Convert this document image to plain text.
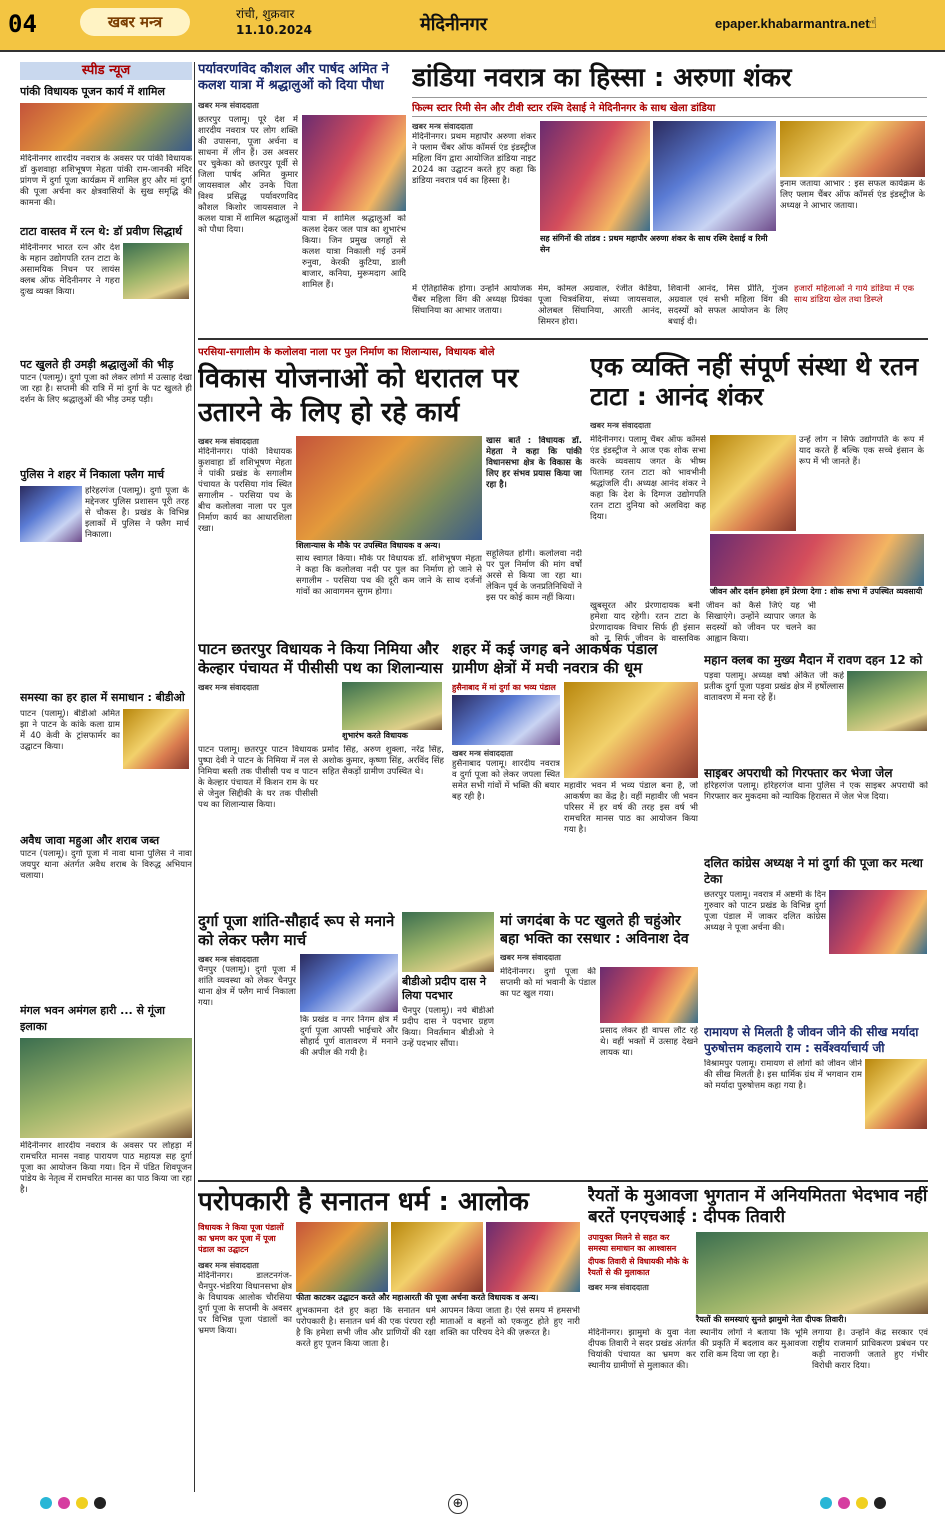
04	खबर मन्त्र	रांची, शुक्रवार
11.10.2024	मेदिनीनगर	epaper.khabarmantra.net
☝
स्पीड न्यूज
पांकी विधायक पूजन कार्य में शामिल
मेदिनीनगर शारदीय नवरात्र के अवसर पर पांकी विधायक डॉ कुशवाहा शशिभूषण मेहता पांकी राम-जानकी मंदिर प्रांगण में दुर्गा पूजा कार्यक्रम में शामिल हुए और मां दुर्गा की पूजा अर्चना कर क्षेत्रवासियों के सुख समृद्धि की कामना की।
टाटा वास्तव में रत्न थे: डॉ प्रवीण सिद्धार्थ
मेदिनीनगर भारत रत्न और देश के महान उद्योगपति रतन टाटा के असामयिक निधन पर लायंस क्लब ऑफ मेदिनीनगर ने गहरा दुःख व्यक्त किया।
पट खुलते ही उमड़ी श्रद्धालुओं की भीड़
पाटन (पलामू)। दुर्गा पूजा को लेकर लोगों में उत्साह देखा जा रहा है। सप्तमी की रात्रि में मां दुर्गा के पट खुलते ही दर्शन के लिए श्रद्धालुओं की भीड़ उमड़ पड़ी।
पुलिस ने शहर में निकाला फ्लैग मार्च
हरिहरगंज (पलामू)। दुर्गा पूजा के मद्देनजर पुलिस प्रशासन पूरी तरह से चौकस है। प्रखंड के विभिन्न इलाकों में पुलिस ने फ्लैग मार्च निकाला।
समस्या का हर हाल में समाधान : बीडीओ
पाटन (पलामू)। बीडीओ अमित झा ने पाटन के कांके कला ग्राम में 40 केवी के ट्रांसफार्मर का उद्घाटन किया।
अवैध जावा महुआ और शराब जब्त
पाटन (पलामू)। दुर्गा पूजा में नावा थाना पुलिस ने नावा जयपुर थाना अंतर्गत अवैध शराब के विरुद्ध अभियान चलाया।
मंगल भवन अमंगल हारी ... से गूंजा इलाका
मेदिनीनगर शारदीय नवरात्र के अवसर पर लोहड़ा में रामचरित मानस नवाह पारायण पाठ महायज्ञ सह दुर्गा पूजा का आयोजन किया गया। दिन में पंडित शिवपूजन पांडेय के नेतृत्व में रामचरित मानस का पाठ किया जा रहा है।
पर्यावरणविद कौशल और पार्षद अमित ने कलश यात्रा में श्रद्धालुओं को दिया पौधा
खबर मन्त्र संवाददाता
छतरपुर पलामू। पूरे देश में शारदीय नवरात्र पर लोग शक्ति की उपासना, पूजा अर्चना व साधना में लीन हैं। उस अवसर पर चुकेका को छतरपुर पूर्वी से जिला पार्षद अमित कुमार जायसवाल और उनके पिता विश्व प्रसिद्ध पर्यावरणविद कौशल किशोर जायसवाल ने कलश यात्रा में शामिल श्रद्धालुओं को पौधा दिया।
यात्रा में शामिल श्रद्धालुओं को कलश देकर जल पात्र का शुभारंभ किया। जिन प्रमुख जगहों से कलश यात्रा निकाली गई उनमें रुनुवा, केरकी कुटिया, डाली बाजार, कनिया, मुरूमदाग आदि शामिल हैं।
डांडिया नवरात्र का हिस्सा : अरुणा शंकर
फिल्म स्टार रिमी सेन और टीवी स्टार रश्मि देसाई ने मेदिनीनगर के साथ खेला डांडिया
खबर मन्त्र संवाददाता
मेदिनीनगर। प्रथम महापौर अरुणा शंकर ने फ्लाम चैंबर ऑफ कॉमर्स एंड इंडस्ट्रीज महिला विंग द्वारा आयोजित डांडिया नाइट 2024 का उद्घाटन करते हुए कहा कि डांडिया नवरात्र पर्व का हिस्सा है।
सह संगिनों की तांडव : प्रथम महापौर अरुणा शंकर के साथ रश्मि देसाई व रिमी सेन
इनाम जताया आभार : इस सफल कार्यक्रम के लिए फ्लाम चैंबर ऑफ कॉमर्स एंड इंडस्ट्रीज के अध्यक्ष ने आभार जताया।
में ऐतिहासिक होगा। उन्होंने आयोजक चैंबर महिला विंग की अध्यक्ष प्रियंका सिंघानिया का आभार जताया।
मेम, कोमल अग्रवाल, रंजीत केडिया, पूजा चित्रवंशिया, संध्या जायसवाल, ओलबल सिंघानिया, आरती आनंद, सिमरन होरा।
शिवानी आनंद, मिस प्रीति, गुंजन अग्रवाल एवं सभी महिला विंग की सदस्यों को सफल आयोजन के लिए बधाई दी।
हजारों महिलाओं ने गाये डांडिया में एक साथ डांडिया खेल तथा डिस्प्ले
परसिया-सगालीम के कलोलवा नाला पर पुल निर्माण का शिलान्यास, विधायक बोले
विकास योजनाओं को धरातल पर उतारने के लिए हो रहे कार्य
खबर मन्त्र संवाददाता
मेदिनीनगर। पांकी विधायक कुशवाहा डॉ शशिभूषण मेहता ने पांकी प्रखंड के सगालीम पंचायत के परसिया गांव स्थित सगालीम - परसिया पथ के बीच कलोलवा नाला पर पुल निर्माण कार्य का आधारशिला रखा।
शिलान्यास के मौके पर उपस्थित विधायक व अन्य।
साथ स्वागत किया। मौके पर विधायक डॉ. शशिभूषण मेहता ने कहा कि कलोलवा नदी पर पुल का निर्माण हो जाने से सगालीम - परसिया पथ की दूरी कम जाने के साथ दर्जनों गांवों का आवागमन सुगम होगा।
खास बातें : विधायक डॉ. मेहता ने कहा कि पांकी विधानसभा क्षेत्र के विकास के लिए हर संभव प्रयास किया जा रहा है।
सहूलियत होगी। कलोलवा नदी पर पुल निर्माण की मांग वर्षों अरसे से किया जा रहा था। लेकिन पूर्व के जनप्रतिनिधियों ने इस पर कोई काम नहीं किया।
एक व्यक्ति नहीं संपूर्ण संस्था थे रतन टाटा : आनंद शंकर
खबर मन्त्र संवाददाता
मेदिनीनगर। पलामू चैंबर ऑफ कॉमर्स एंड इंडस्ट्रीज ने आज एक शोक सभा करके व्यवसाय जगत के भीष्म पितामह रतन टाटा को भावभीनी श्रद्धांजलि दी। अध्यक्ष आनंद शंकर ने कहा कि देश के दिग्गज उद्योगपति रतन टाटा दुनिया को अलविदा कह दिया।
उन्हें लोग न सिर्फ उद्योगपति के रूप में याद करते हैं बल्कि एक सच्चे इंसान के रूप में भी जानते हैं।
जीवन और दर्शन हमेशा हमें प्रेरणा देगा : शोक सभा में उपस्थित व्यवसायी
खुबसूरत और प्रेरणादायक बनी हमेशा याद रहेगी। रतन टाटा के प्रेरणादायक विचार सिर्फ ही इंसान को न सिर्फ जीवन के वास्तविक
जीवन को कैसे जिएं यह भी सिखाएंगे। उन्होंने व्यापार जगत के सदस्यों को जीवन पर चलने का आह्वान किया।
पाटन छतरपुर विधायक ने किया निमिया और केल्हार पंचायत में पीसीसी पथ का शिलान्यास
खबर मन्त्र संवाददाता
शुभारंभ करते विधायक
पाटन पलामू। छतरपुर पाटन विधायक पुष्पा देवी ने पाटन के निमिया में नल से निमिया बस्ती तक पीसीसी पथ व पाटन के केल्हार पंचायत में किशन राम के घर से जेनुल सिद्दीकी के घर तक पीसीसी पथ का शिलान्यास किया।
प्रमोद सिंह, अरुण शुक्ला, नरेंद्र सिंह, अशोक कुमार, कृष्णा सिंह, अरविंद सिंह सहित सैकड़ों ग्रामीण उपस्थित थे।
शहर में कई जगह बने आकर्षक पंडाल ग्रामीण क्षेत्रों में मची नवरात्र की धूम
हुसैनाबाद में मां दुर्गा का भव्य पंडाल
खबर मन्त्र संवाददाता
हुसैनाबाद पलामू। शारदीय नवरात्र व दुर्गा पूजा को लेकर जपला स्थित समेत सभी गांवों में भक्ति की बयार बह रही है।
महावीर भवन में भव्य पंडाल बना है, जो आकर्षण का केंद्र है। वहीं महावीर जी भवन परिसर में हर वर्ष की तरह इस वर्ष भी रामचरित मानस पाठ का आयोजन किया गया है।
महान क्लब का मुख्य मैदान में रावण दहन 12 को
पड़वा पलामू। अध्यक्ष वर्षा अंकित जी कहे प्रतीक दुर्गा पूजा पड़वा प्रखंड क्षेत्र में हर्षोल्लास वातावरण में मना रहे हैं।
साइबर अपराधी को गिरफ्तार कर भेजा जेल
हरिहरगंज पलामू। हरिहरगंज थाना पुलिस ने एक साइबर अपराधी को गिरफ्तार कर मुकदमा को न्यायिक हिरासत में जेल भेज दिया।
दलित कांग्रेस अध्यक्ष ने मां दुर्गा की पूजा कर मत्था टेका
छतरपुर पलामू। नवरात्र में अष्टमी के दिन गुरुवार को पाटन प्रखंड के विभिन्न दुर्गा पूजा पंडाल में जाकर दलित कांग्रेस अध्यक्ष ने पूजा अर्चना की।
रामायण से मिलती है जीवन जीने की सीख मर्यादा पुरुषोत्तम कहलाये राम : सर्वेश्वर्याचार्य जी
विश्रामपुर पलामू। रामायण से लोगों को जीवन जीने की सीख मिलती है। इस धार्मिक ग्रंथ में भगवान राम को मर्यादा पुरुषोत्तम कहा गया है।
दुर्गा पूजा शांति-सौहार्द रूप से मनाने को लेकर फ्लैग मार्च
खबर मन्त्र संवाददाता
चैनपुर (पलामू)। दुर्गा पूजा में शांति व्यवस्था को लेकर चैनपुर थाना क्षेत्र में फ्लैग मार्च निकाला गया।
कि प्रखंड व नगर निगम क्षेत्र में दुर्गा पूजा आपसी भाईचारे और सौहार्द पूर्ण वातावरण में मनाने की अपील की गयी है।
बीडीओ प्रदीप दास ने लिया पदभार
चैनपुर (पलामू)। नये बीडीओ प्रदीप दास ने पदभार ग्रहण किया। निवर्तमान बीडीओ ने उन्हें पदभार सौंपा।
मां जगदंबा के पट खुलते ही चहुंओर बहा भक्ति का रसधार : अविनाश देव
खबर मन्त्र संवाददाता
मेदिनीनगर। दुर्गा पूजा की सप्तमी को मां भवानी के पंडाल का पट खुल गया।
प्रसाद लेकर ही वापस लौट रहे थे। वहीं भक्तों में उत्साह देखने लायक था।
परोपकारी है सनातन धर्म : आलोक
विधायक ने किया पूजा पंडालों का भ्रमण कर पूजा में पूजा पंडाल का उद्घाटन
खबर मन्त्र संवाददाता
मेदिनीनगर। डालटनगंज-चैनपुर-भंडरिया विधानसभा क्षेत्र के विधायक आलोक चौरसिया दुर्गा पूजा के सप्तमी के अवसर पर विभिन्न पूजा पंडालों का भ्रमण किया।
फीता काटकर उद्घाटन करते और महाआरती की पूजा अर्चना करते विधायक व अन्य।
शुभकामना देते हुए कहा कि सनातन धर्म परोपकारी है। सनातन धर्म की एक पंरपरा रही है कि हमेशा सभी जीव और प्राणियों की रक्षा करते हुए पूजन किया जाता है।
आपमन किया जाता है। ऐसे समय में हमसभी माताओं व बहनों को एकजुट होते हुए नारी शक्ति का परिचय देने की ज़रूरत है।
रैयतों के मुआवजा भुगतान में अनियमितता भेदभाव नहीं बरतें एनएचआई : दीपक तिवारी
उपायुक्त मिलने से सहत कर समस्या समाधान का आश्वासन
दीपक तिवारी से विधायकी मौके के रैयतों से की मुलाकात
खबर मन्त्र संवाददाता
रैयतों की समस्याएं सुनते झामुमो नेता दीपक तिवारी।
मेदिनीनगर। झामुमो के युवा नेता दीपक तिवारी ने सदर प्रखंड अंतर्गत चियांकी पंचायत का भ्रमण कर स्थानीय ग्रामीणों से मुलाकात की।
स्थानीय लोगों ने बताया कि भूमि की प्रकृति में बदलाव कर मुआवजा राशि कम दिया जा रहा है।
लगाया है। उन्होंने केंद्र सरकार एवं राष्ट्रीय राजमार्ग प्राधिकरण प्रबंधन पर कड़ी नाराजगी जताते हुए गंभीर विरोधी करार दिया।
⊕
